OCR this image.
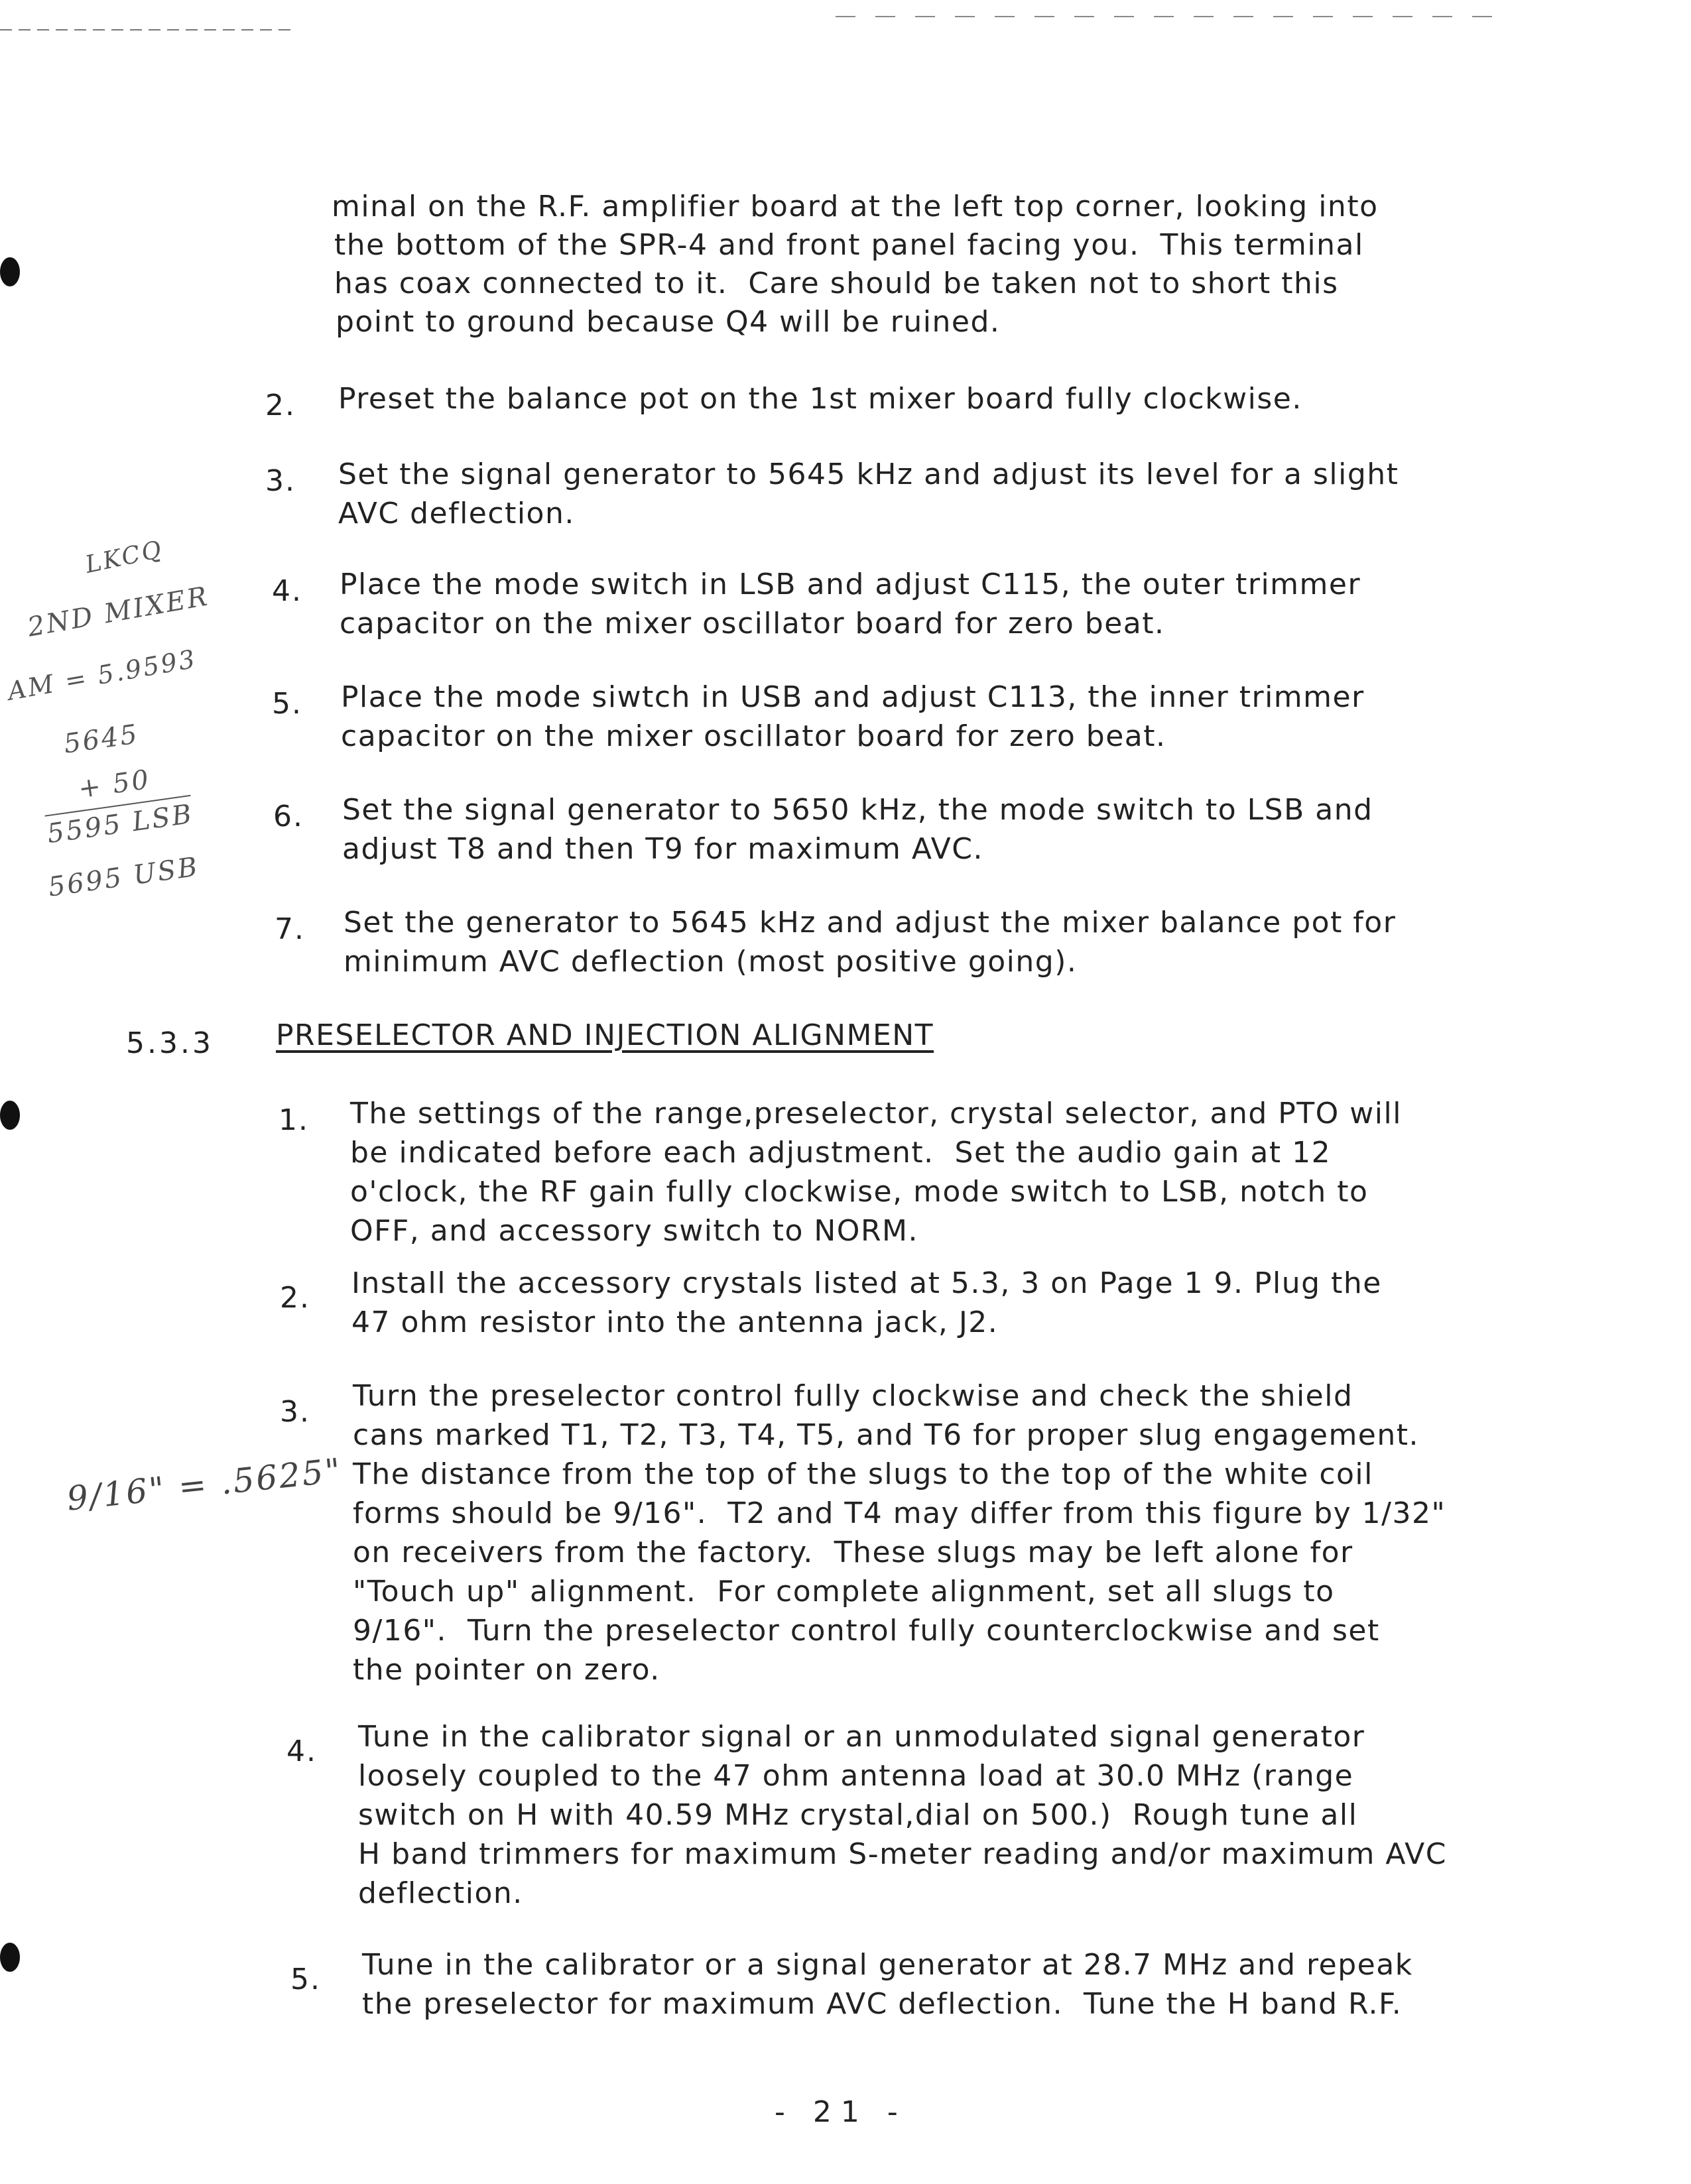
minal on the R.F. amplifier board at the left top corner, looking into
the bottom of the SPR-4 and front panel facing you.  This terminal
has coax connected to it.  Care should be taken not to short this
point to ground because Q4 will be ruined.
2. Preset the balance pot on the 1st mixer board fully clockwise.
3. Set the signal generator to 5645 kHz and adjust its level for a slight
AVC deflection.
4. Place the mode switch in LSB and adjust C115, the outer trimmer
capacitor on the mixer oscillator board for zero beat.
5. Place the mode siwtch in USB and adjust C113, the inner trimmer
capacitor on the mixer oscillator board for zero beat.
6. Set the signal generator to 5650 kHz, the mode switch to LSB and
adjust T8 and then T9 for maximum AVC.
7. Set the generator to 5645 kHz and adjust the mixer balance pot for
minimum AVC deflection (most positive going).
5.3.3 PRESELECTOR AND INJECTION ALIGNMENT
1. The settings of the range,preselector, crystal selector, and PTO will
be indicated before each adjustment.  Set the audio gain at 12
o'clock, the RF gain fully clockwise, mode switch to LSB, notch to
OFF, and accessory switch to NORM.
2. Install the accessory crystals listed at 5.3, 3 on Page 1 9. Plug the
47 ohm resistor into the antenna jack, J2.
3. Turn the preselector control fully clockwise and check the shield
cans marked T1, T2, T3, T4, T5, and T6 for proper slug engagement.
The distance from the top of the slugs to the top of the white coil
forms should be 9/16".  T2 and T4 may differ from this figure by 1/32"
on receivers from the factory.  These slugs may be left alone for
"Touch up" alignment.  For complete alignment, set all slugs to
9/16".  Turn the preselector control fully counterclockwise and set
the pointer on zero.
4. Tune in the calibrator signal or an unmodulated signal generator
loosely coupled to the 47 ohm antenna load at 30.0 MHz (range
switch on H with 40.59 MHz crystal,dial on 500.)  Rough tune all
H band trimmers for maximum S-meter reading and/or maximum AVC
deflection.
5. Tune in the calibrator or a signal generator at 28.7 MHz and repeak
the preselector for maximum AVC deflection.  Tune the H band R.F.
LKCQ
2ND MIXER
AM = 5.9593
5645
+ 50
5595 LSB
5695 USB
9/16" = .5625"
- 21 -
